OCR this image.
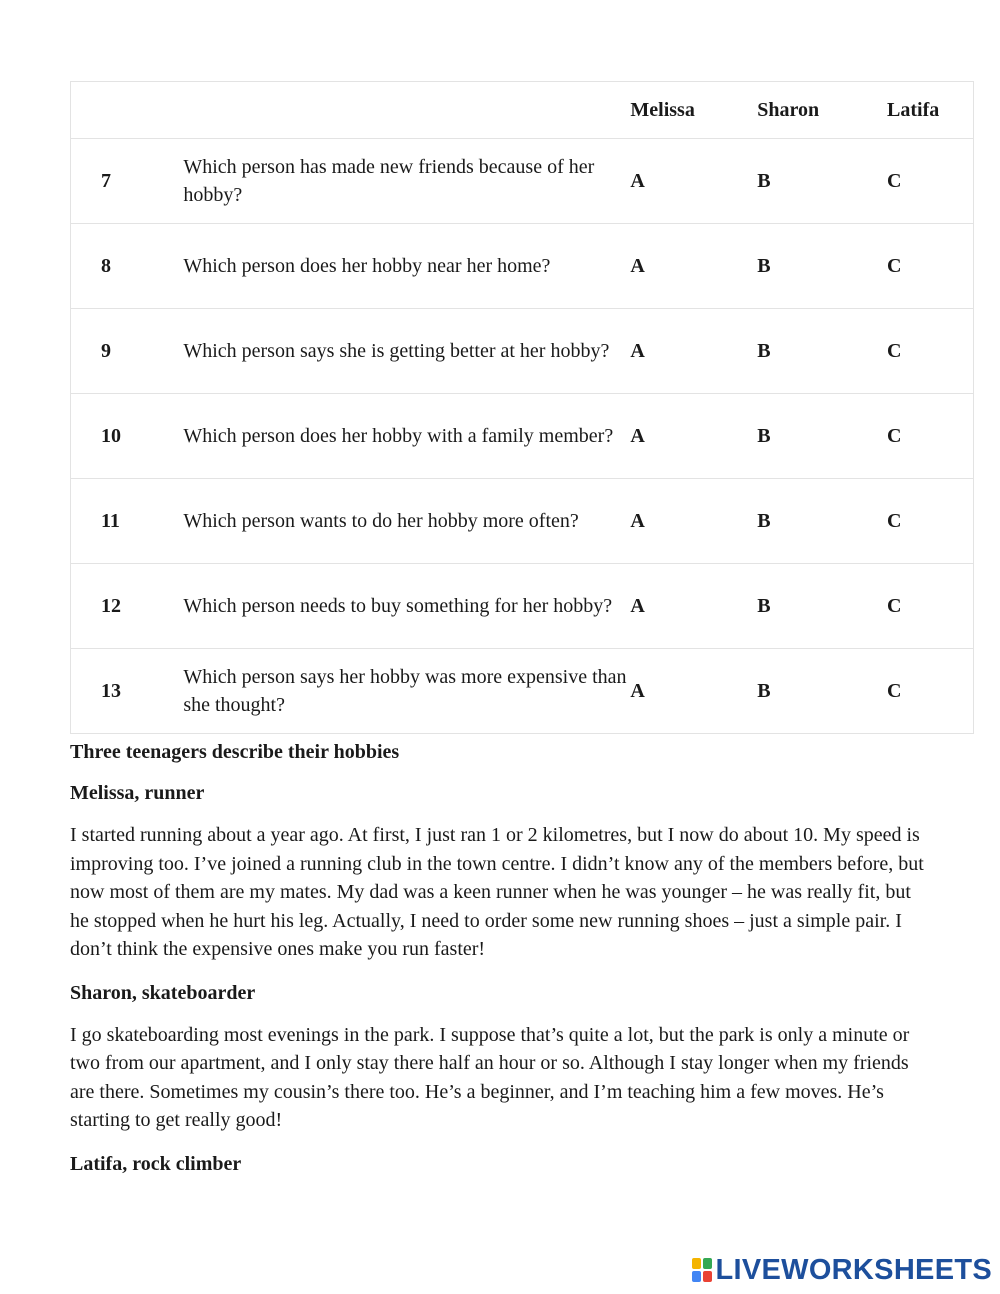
		Melissa	Sharon	Latifa
7	Which person has made new friends because of her hobby?	A	B	C
8	Which person does her hobby near her home?	A	B	C
9	Which person says she is getting better at her hobby?	A	B	C
10	Which person does her hobby with a family member?	A	B	C
11	Which person wants to do her hobby more often?	A	B	C
12	Which person needs to buy something for her hobby?	A	B	C
13	Which person says her hobby was more expensive than she thought?	A	B	C
Three teenagers describe their hobbies
Melissa, runner

I started running about a year ago. At first, I just ran 1 or 2 kilometres, but I now do about 10. My speed is improving too. I’ve joined a running club in the town centre. I didn’t know any of the members before, but now most of them are my mates. My dad was a keen runner when he was younger – he was really fit, but he stopped when he hurt his leg. Actually, I need to order some new running shoes – just a simple pair. I don’t think the expensive ones make you run faster!

Sharon, skateboarder

I go skateboarding most evenings in the park. I suppose that’s quite a lot, but the park is only a minute or two from our apartment, and I only stay there half an hour or so. Although I stay longer when my friends are there. Sometimes my cousin’s there too. He’s a beginner, and I’m teaching him a few moves. He’s starting to get really good!

Latifa, rock climber
LIVEWORKSHEETS
